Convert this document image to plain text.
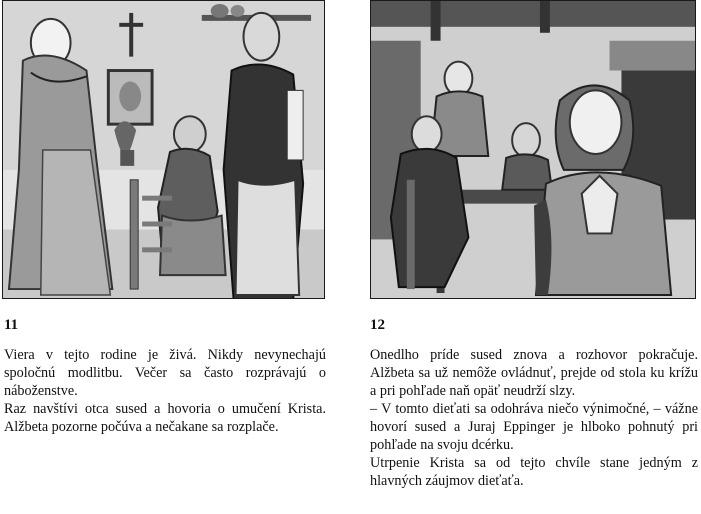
11

Viera v tejto rodine je živá. Nikdy nevynechajú spoločnú modlitbu. Večer sa často rozprávajú o náboženstve.

Raz navštívi otca sused a hovoria o umučení Krista. Alžbeta pozorne počúva a nečakane sa rozplače.

12

Onedlho príde sused znova a rozhovor pokračuje. Alžbeta sa už nemôže ovládnuť, prejde od stola ku krížu a pri pohľade naň opäť neudrží slzy.

– V tomto dieťati sa odohráva niečo výnimočné, – vážne hovorí sused a Juraj Eppinger je hlboko pohnutý pri pohľade na svoju dcérku.

Utrpenie Krista sa od tejto chvíle stane jedným z hlavných záujmov dieťaťa.
